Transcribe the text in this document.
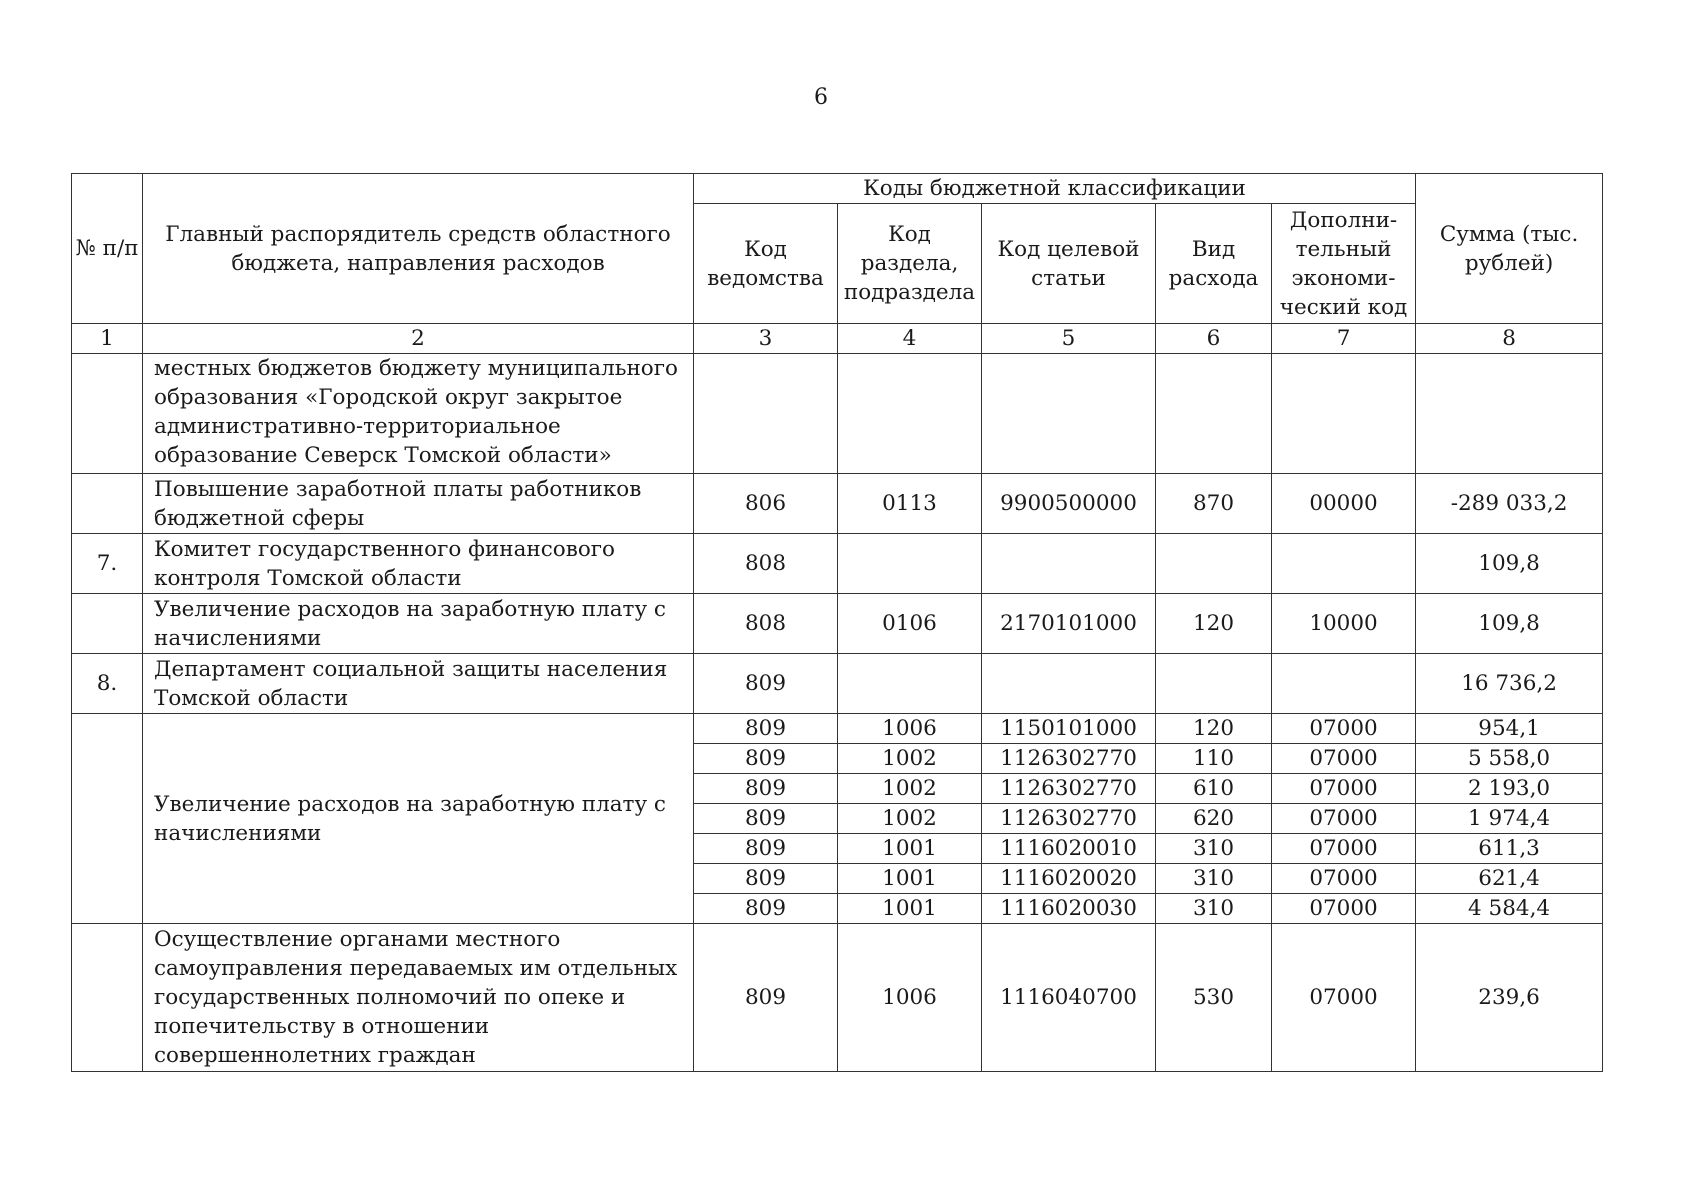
6
№ п/п	Главный распорядитель средств областного бюджета, направления расходов	Коды бюджетной классификации					Сумма (тыс. рублей)
		Код ведомства	Код раздела, подраздела	Код целевой статьи	Вид расхода	Дополни-тельный экономи-ческий код	
1	2	3	4	5	6	7	8
	местных бюджетов бюджету муниципального образования «Городской округ закрытое административно-территориальное образование Северск Томской области»						
	Повышение заработной платы работников бюджетной сферы	806	0113	9900500000	870	00000	-289 033,2
7.	Комитет государственного финансового контроля Томской области	808					109,8
	Увеличение расходов на заработную плату с начислениями	808	0106	2170101000	120	10000	109,8
8.	Департамент социальной защиты населения Томской области	809					16 736,2
	Увеличение расходов на заработную плату с начислениями	809	1006	1150101000	120	07000	954,1
		809	1002	1126302770	110	07000	5 558,0
		809	1002	1126302770	610	07000	2 193,0
		809	1002	1126302770	620	07000	1 974,4
		809	1001	1116020010	310	07000	611,3
		809	1001	1116020020	310	07000	621,4
		809	1001	1116020030	310	07000	4 584,4
	Осуществление органами местного самоуправления передаваемых им отдельных государственных полномочий по опеке и попечительству в отношении совершеннолетних граждан	809	1006	1116040700	530	07000	239,6
